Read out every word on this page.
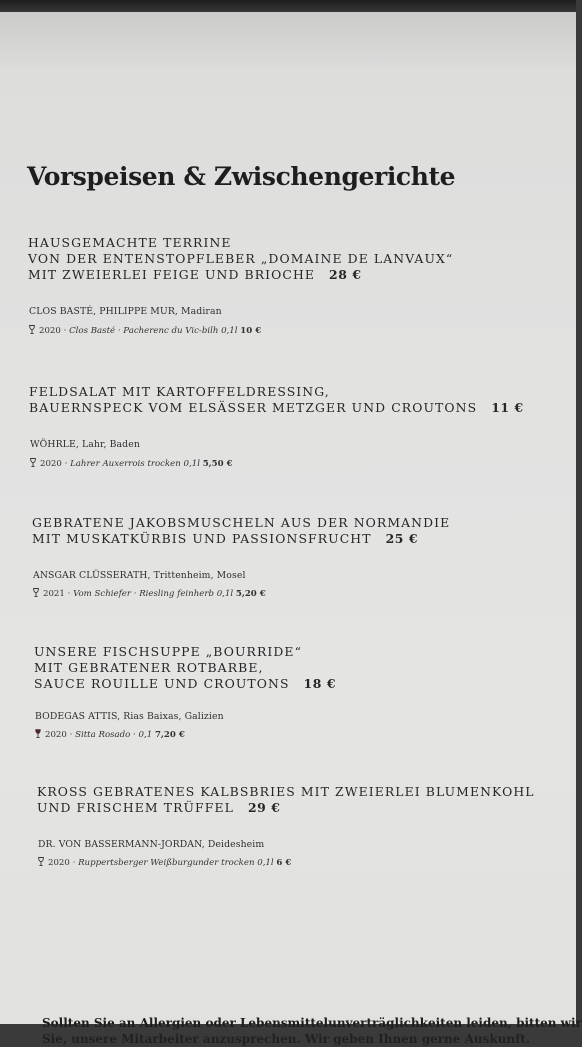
Vorspeisen & Zwischengerichte
HAUSGEMACHTE TERRINE
VON DER ENTENSTOPFLEBER „DOMAINE DE LANVAUX“
MIT ZWEIERLEI FEIGE UND BRIOCHE 28 €
CLOS BASTÉ, PHILIPPE MUR, Madiran
2020 · Clos Basté · Pacherenc du Vic-bilh 0,1l 10 €
FELDSALAT MIT KARTOFFELDRESSING,
BAUERNSPECK VOM ELSÄSSER METZGER UND CROUTONS 11 €
WÖHRLE, Lahr, Baden
2020 · Lahrer Auxerrois trocken 0,1l 5,50 €
GEBRATENE JAKOBSMUSCHELN AUS DER NORMANDIE
MIT MUSKATKÜRBIS UND PASSIONSFRUCHT 25 €
ANSGAR CLÜSSERATH, Trittenheim, Mosel
2021 · Vom Schiefer · Riesling feinherb 0,1l 5,20 €
UNSERE FISCHSUPPE „BOURRIDE“
MIT GEBRATENER ROTBARBE,
SAUCE ROUILLE UND CROUTONS 18 €
BODEGAS ATTIS, Rias Baixas, Galizien
2020 · Sitta Rosado · 0,1 7,20 €
KROSS GEBRATENES KALBSBRIES MIT ZWEIERLEI BLUMENKOHL
UND FRISCHEM TRÜFFEL 29 €
DR. VON BASSERMANN-JORDAN, Deidesheim
2020 · Ruppertsberger Weißburgunder trocken 0,1l 6 €
Sollten Sie an Allergien oder Lebensmittelunverträglichkeiten leiden, bitten wir
Sie, unsere Mitarbeiter anzusprechen. Wir geben Ihnen gerne Auskunft.
